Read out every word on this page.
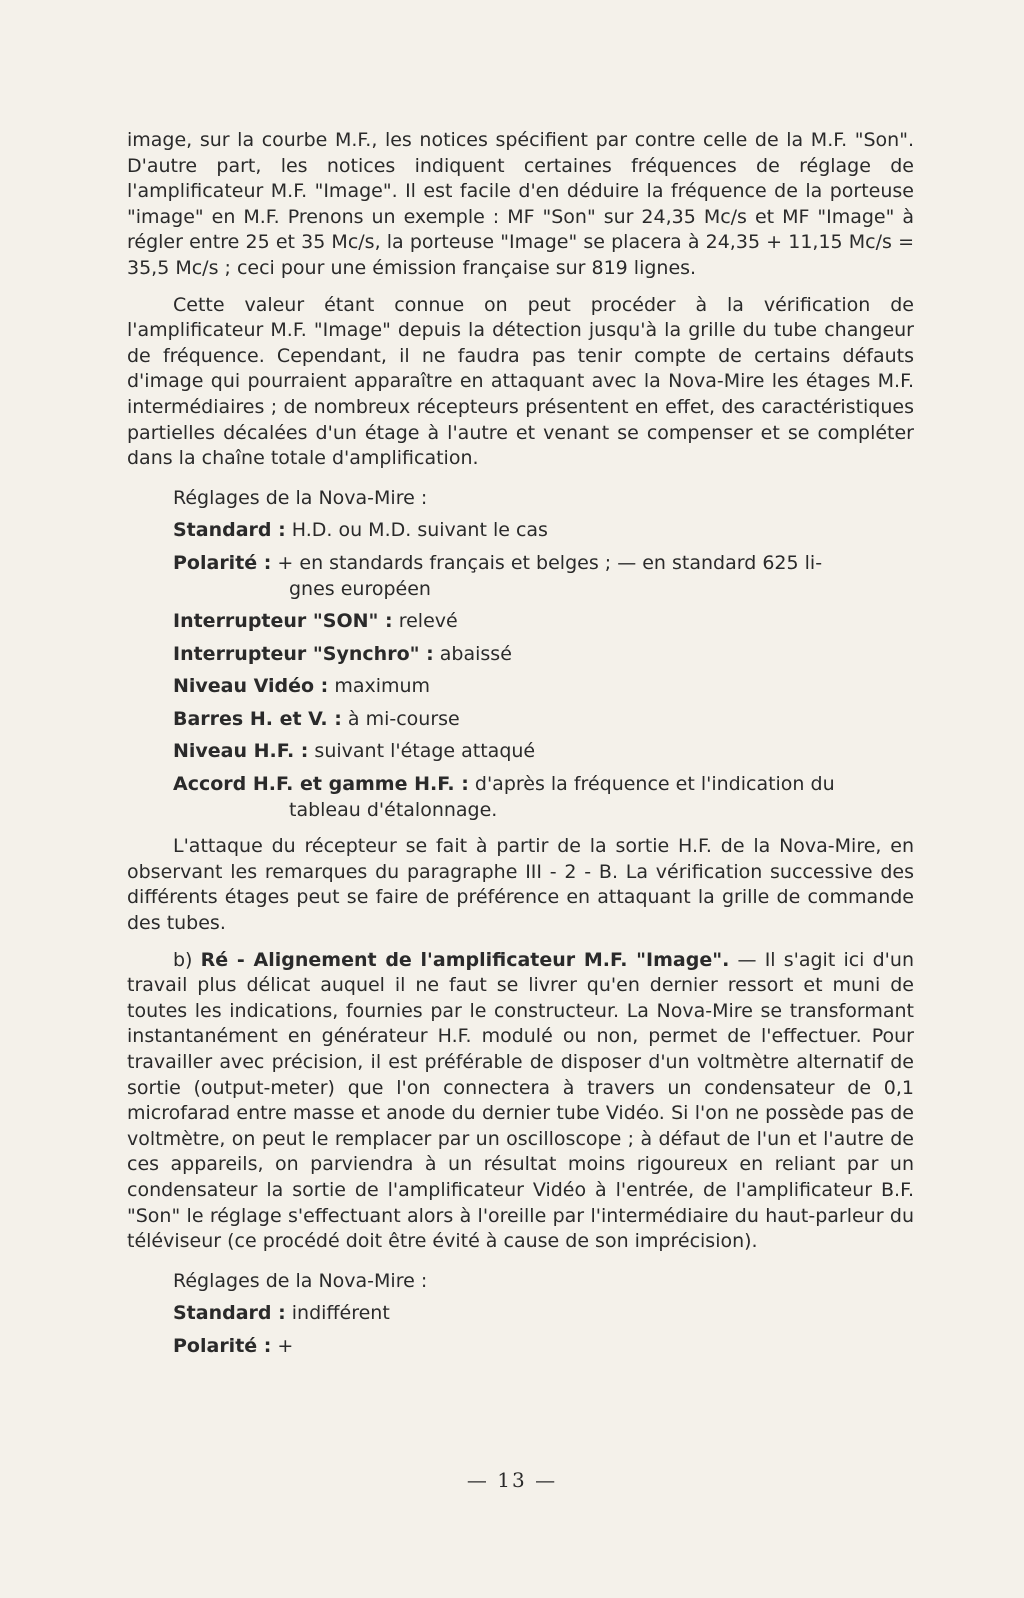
image, sur la courbe M.F., les notices spécifient par contre celle de la M.F. "Son". D'autre part, les notices indiquent certaines fréquences de réglage de l'amplificateur M.F. "Image". Il est facile d'en déduire la fréquence de la porteuse "image" en M.F. Prenons un exemple : MF "Son" sur 24,35 Mc/s et MF "Image" à régler entre 25 et 35 Mc/s, la porteuse "Image" se placera à 24,35 + 11,15 Mc/s = 35,5 Mc/s ; ceci pour une émission française sur 819 lignes.

Cette valeur étant connue on peut procéder à la vérification de l'amplificateur M.F. "Image" depuis la détection jusqu'à la grille du tube changeur de fréquence. Cependant, il ne faudra pas tenir compte de certains défauts d'image qui pourraient apparaître en attaquant avec la Nova-Mire les étages M.F. intermédiaires ; de nombreux récepteurs présentent en effet, des caractéristiques partielles décalées d'un étage à l'autre et venant se compenser et se compléter dans la chaîne totale d'amplification.

Réglages de la Nova-Mire :
Standard : H.D. ou M.D. suivant le cas
Polarité : + en standards français et belges ; — en standard 625 li-
gnes européen
Interrupteur "SON" : relevé
Interrupteur "Synchro" : abaissé
Niveau Vidéo : maximum
Barres H. et V. : à mi-course
Niveau H.F. : suivant l'étage attaqué
Accord H.F. et gamme H.F. : d'après la fréquence et l'indication du
tableau d'étalonnage.

L'attaque du récepteur se fait à partir de la sortie H.F. de la Nova-Mire, en observant les remarques du paragraphe III - 2 - B. La vérification successive des différents étages peut se faire de préférence en attaquant la grille de commande des tubes.

b) Ré - Alignement de l'amplificateur M.F. "Image". — Il s'agit ici d'un travail plus délicat auquel il ne faut se livrer qu'en dernier ressort et muni de toutes les indications, fournies par le constructeur. La Nova-Mire se transformant instantanément en générateur H.F. modulé ou non, permet de l'effectuer. Pour travailler avec précision, il est préférable de disposer d'un voltmètre alternatif de sortie (output-meter) que l'on connectera à travers un condensateur de 0,1 microfarad entre masse et anode du dernier tube Vidéo. Si l'on ne possède pas de voltmètre, on peut le remplacer par un oscilloscope ; à défaut de l'un et l'autre de ces appareils, on parviendra à un résultat moins rigoureux en reliant par un condensateur la sortie de l'amplificateur Vidéo à l'entrée, de l'amplificateur B.F. "Son" le réglage s'effectuant alors à l'oreille par l'intermédiaire du haut-parleur du téléviseur (ce procédé doit être évité à cause de son imprécision).

Réglages de la Nova-Mire :
Standard : indifférent
Polarité : +
— 13 —
